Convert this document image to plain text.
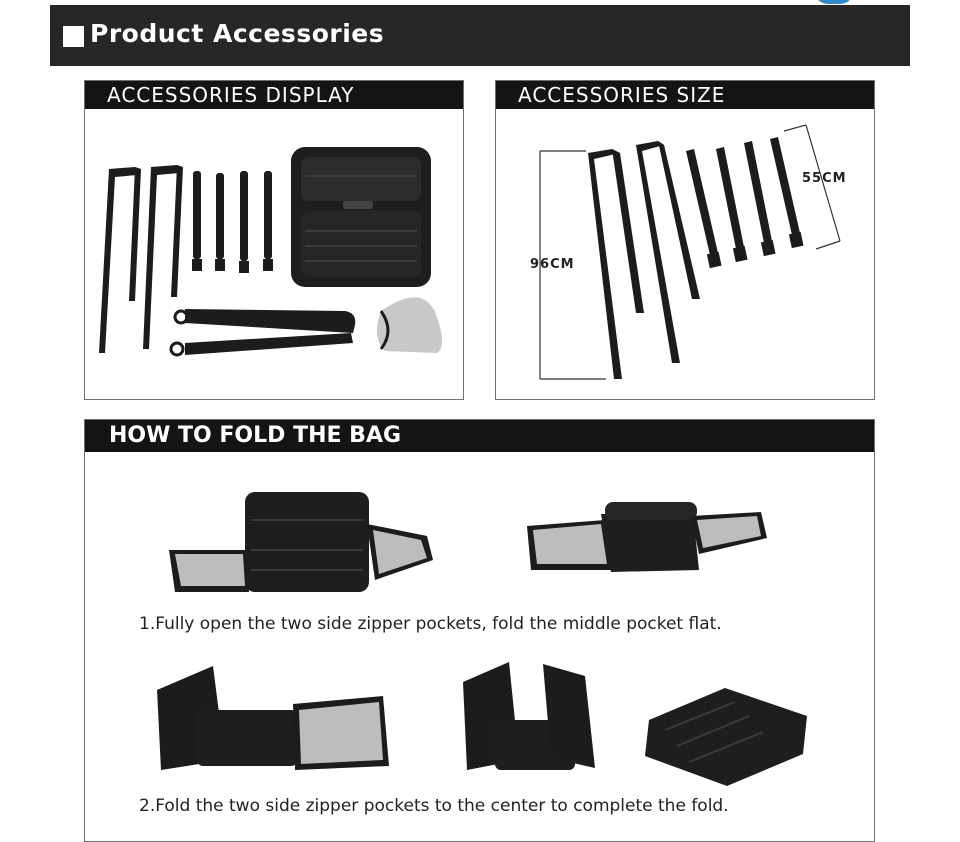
Product Accessories
ACCESSORIES DISPLAY	ACCESSORIES SIZE
96CM
55CM
HOW TO FOLD THE BAG
1.Fully open the two side zipper pockets, fold the middle pocket flat.
2.Fold the two side zipper pockets to the center to complete the fold.
